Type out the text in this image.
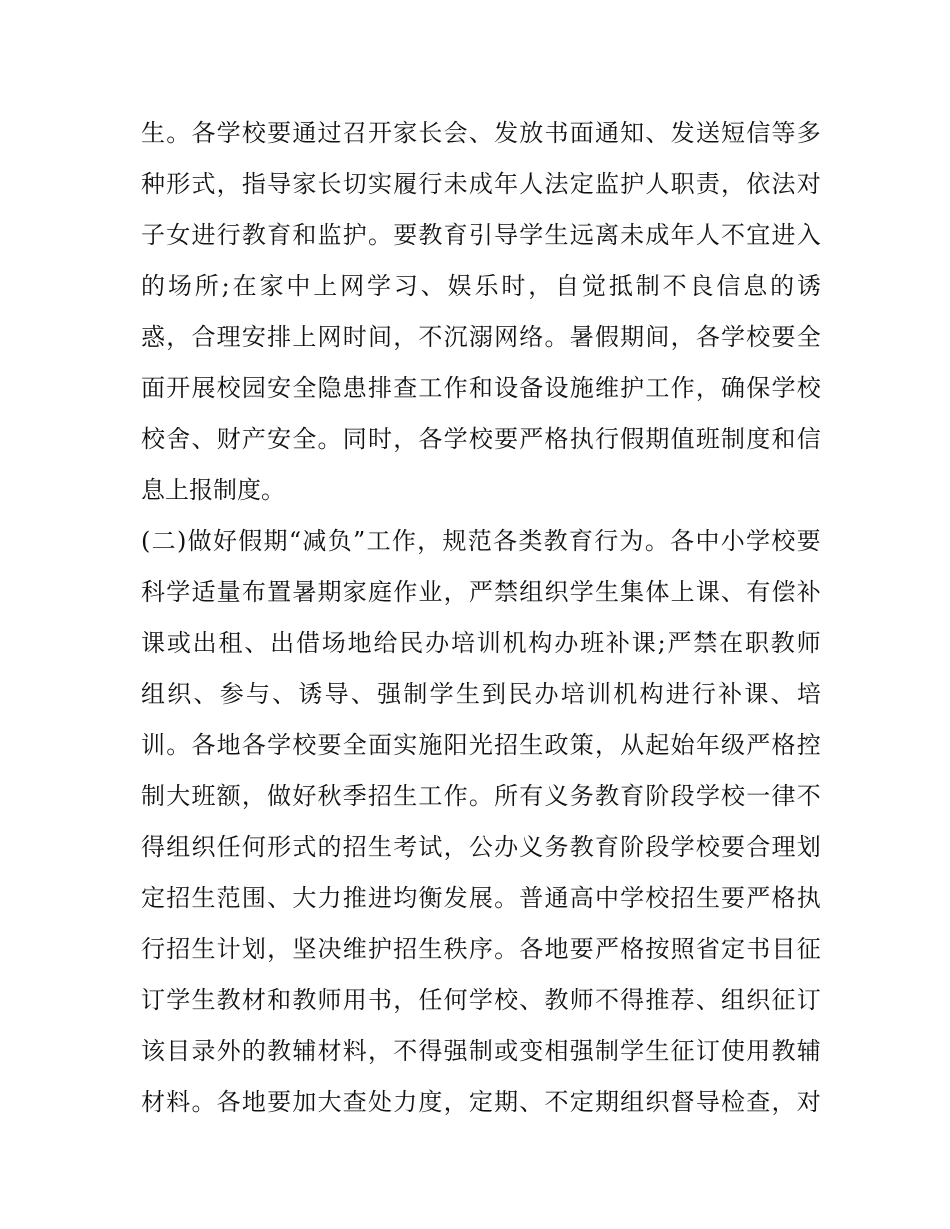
生 。 各 学 校 要 通 过 召 开 家 长 会 、 发 放 书 面 通 知 、 发 送 短 信 等 多
种 形 式 ， 指 导 家 长 切 实 履 行 未 成 年 人 法 定 监 护 人 职 责 ， 依 法 对
子 女 进 行 教 育 和 监 护 。 要 教 育 引 导 学 生 远 离 未 成 年 人 不 宜 进 入
的 场 所 ; 在 家 中 上 网 学 习 、 娱 乐 时 ， 自 觉 抵 制 不 良 信 息 的 诱
惑 ， 合 理 安 排 上 网 时 间 ， 不 沉 溺 网 络 。 暑 假 期 间 ， 各 学 校 要 全
面 开 展 校 园 安 全 隐 患 排 查 工 作 和 设 备 设 施 维 护 工 作 ， 确 保 学 校
校 舍 、 财 产 安 全 。 同 时 ， 各 学 校 要 严 格 执 行 假 期 值 班 制 度 和 信
息上报制度。
( 二 ) 做 好 假 期 “ 减 负 ” 工 作 ， 规 范 各 类 教 育 行 为 。 各 中 小 学 校 要
科 学 适 量 布 置 暑 期 家 庭 作 业 ， 严 禁 组 织 学 生 集 体 上 课 、 有 偿 补
课 或 出 租 、 出 借 场 地 给 民 办 培 训 机 构 办 班 补 课 ; 严 禁 在 职 教 师
组 织 、 参 与 、 诱 导 、 强 制 学 生 到 民 办 培 训 机 构 进 行 补 课 、 培
训 。 各 地 各 学 校 要 全 面 实 施 阳 光 招 生 政 策 ， 从 起 始 年 级 严 格 控
制 大 班 额 ， 做 好 秋 季 招 生 工 作 。 所 有 义 务 教 育 阶 段 学 校 一 律 不
得 组 织 任 何 形 式 的 招 生 考 试 ， 公 办 义 务 教 育 阶 段 学 校 要 合 理 划
定 招 生 范 围 、 大 力 推 进 均 衡 发 展 。 普 通 高 中 学 校 招 生 要 严 格 执
行 招 生 计 划 ， 坚 决 维 护 招 生 秩 序 。 各 地 要 严 格 按 照 省 定 书 目 征
订 学 生 教 材 和 教 师 用 书 ， 任 何 学 校 、 教 师 不 得 推 荐 、 组 织 征 订
该 目 录 外 的 教 辅 材 料 ， 不 得 强 制 或 变 相 强 制 学 生 征 订 使 用 教 辅
材 料 。 各 地 要 加 大 查 处 力 度 ， 定 期 、 不 定 期 组 织 督 导 检 查 ， 对
